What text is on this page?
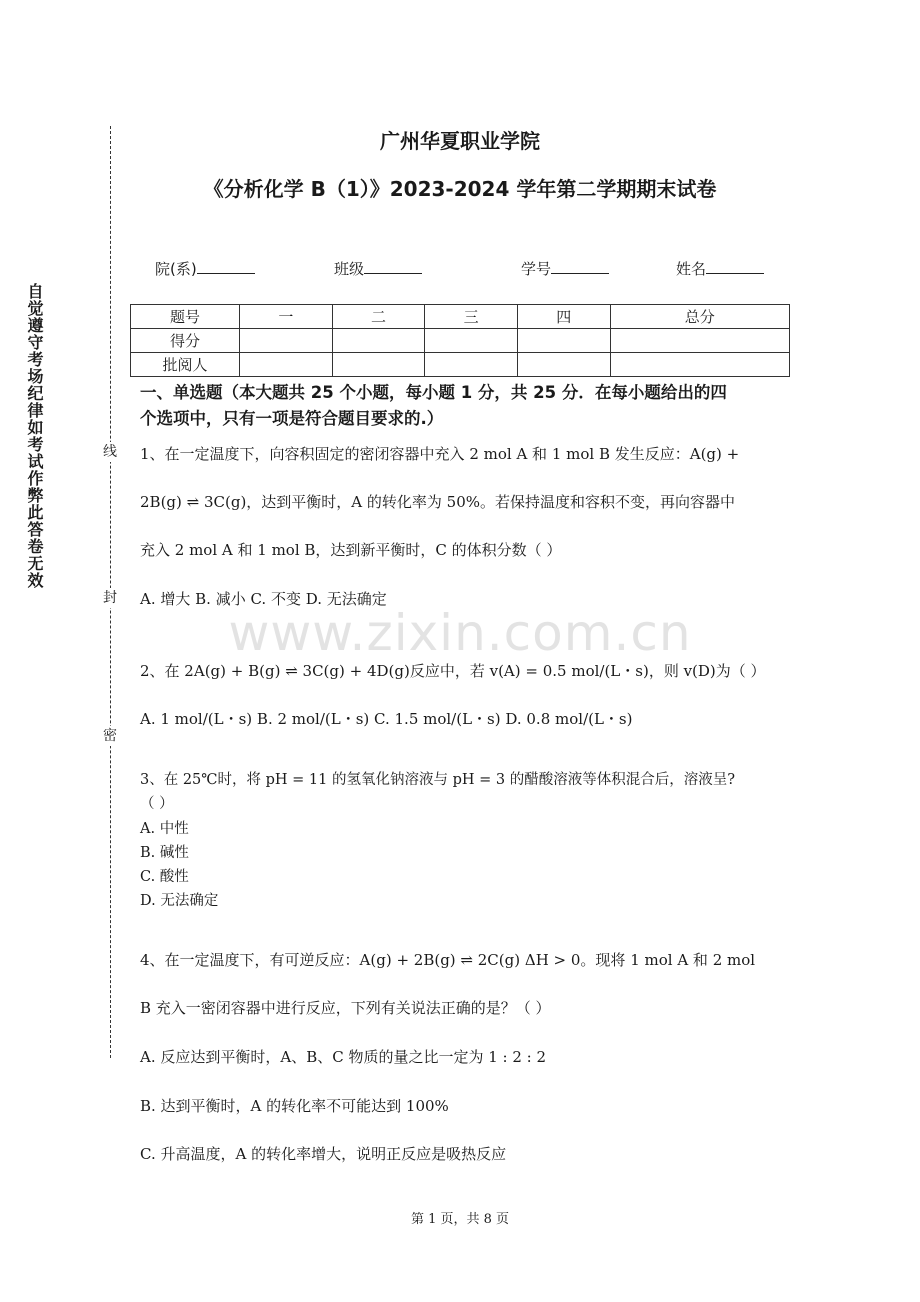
自觉遵守考场纪律如考试作弊此答卷无效	线
封
密
广州华夏职业学院
《分析化学 B（1）》2023-2024 学年第二学期期末试卷
院(系)	班级	学号	姓名
题号	一	二	三	四	总分
得分					
批阅人					
一、单选题（本大题共 25 个小题，每小题 1 分，共 25 分．在每小题给出的四
个选项中，只有一项是符合题目要求的.）
1、在一定温度下，向容积固定的密闭容器中充入 2 mol A 和 1 mol B 发生反应：A(g) +
2B(g) ⇌ 3C(g)，达到平衡时，A 的转化率为 50%。若保持温度和容积不变，再向容器中
充入 2 mol A 和 1 mol B，达到新平衡时，C 的体积分数（ ）
A. 增大 B. 减小 C. 不变 D. 无法确定
www.zixin.com.cn
2、在 2A(g) + B(g) ⇌ 3C(g) + 4D(g)反应中，若 v(A) = 0.5 mol/(L・s)，则 v(D)为（ ）
A. 1 mol/(L・s) B. 2 mol/(L・s) C. 1.5 mol/(L・s) D. 0.8 mol/(L・s)
3、在 25℃时，将 pH = 11 的氢氧化钠溶液与 pH = 3 的醋酸溶液等体积混合后，溶液呈?
（ ）
A. 中性
B. 碱性
C. 酸性
D. 无法确定
4、在一定温度下，有可逆反应：A(g) + 2B(g) ⇌ 2C(g) ΔH > 0。现将 1 mol A 和 2 mol
B 充入一密闭容器中进行反应，下列有关说法正确的是？（ ）
A. 反应达到平衡时，A、B、C 物质的量之比一定为 1 : 2 : 2
B. 达到平衡时，A 的转化率不可能达到 100%
C. 升高温度，A 的转化率增大，说明正反应是吸热反应
第 1 页，共 8 页
